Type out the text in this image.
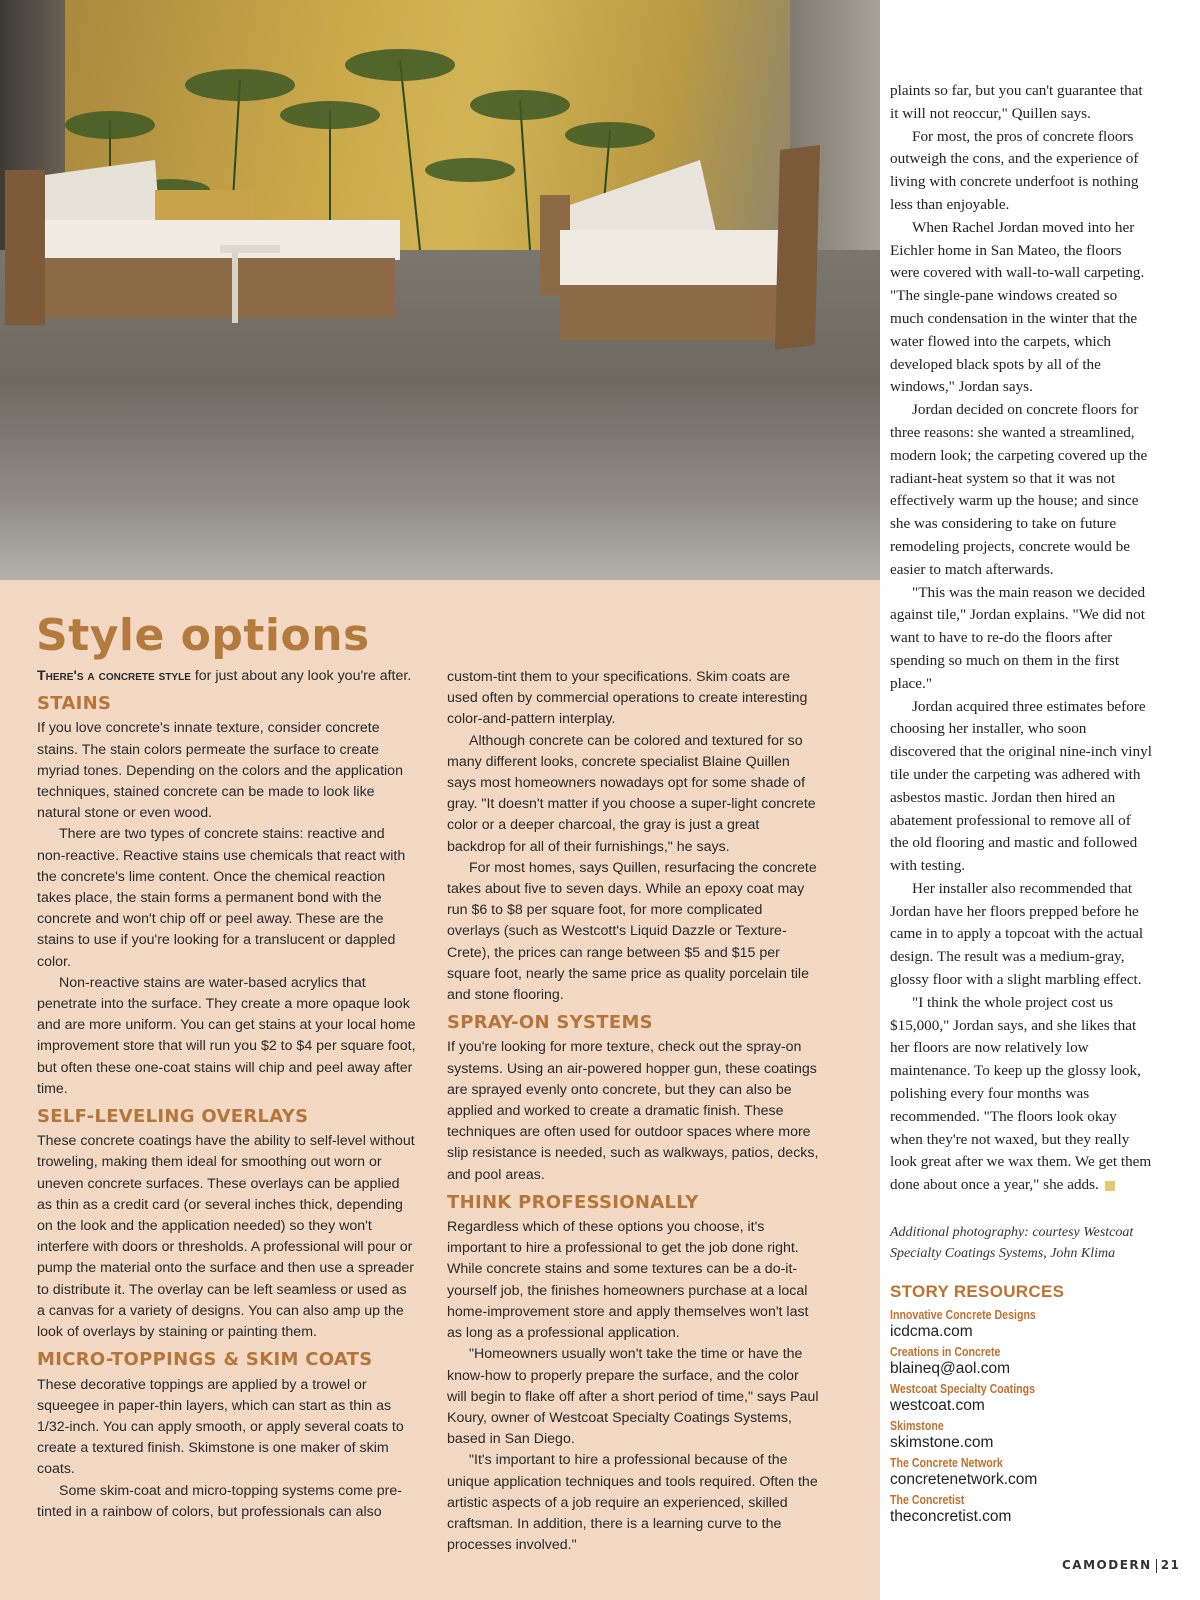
Style options

There's a concrete style for just about any look you're after.

STAINS

If you love concrete's innate texture, consider concrete stains. The stain colors permeate the surface to create myriad tones. Depending on the colors and the application techniques, stained concrete can be made to look like natural stone or even wood.

There are two types of concrete stains: reactive and non-reactive. Reactive stains use chemicals that react with the concrete's lime content. Once the chemical reaction takes place, the stain forms a permanent bond with the concrete and won't chip off or peel away. These are the stains to use if you're looking for a translucent or dappled color.

Non-reactive stains are water-based acrylics that penetrate into the surface. They create a more opaque look and are more uniform. You can get stains at your local home improvement store that will run you $2 to $4 per square foot, but often these one-coat stains will chip and peel away after time.

SELF-LEVELING OVERLAYS

These concrete coatings have the ability to self-level without troweling, making them ideal for smoothing out worn or uneven concrete surfaces. These overlays can be applied as thin as a credit card (or several inches thick, depending on the look and the application needed) so they won't interfere with doors or thresholds. A professional will pour or pump the material onto the surface and then use a spreader to distribute it. The overlay can be left seamless or used as a canvas for a variety of designs. You can also amp up the look of overlays by staining or painting them.

MICRO-TOPPINGS & SKIM COATS

These decorative toppings are applied by a trowel or squeegee in paper-thin layers, which can start as thin as 1/32-inch. You can apply smooth, or apply several coats to create a textured finish. Skimstone is one maker of skim coats.

Some skim-coat and micro-topping systems come pre-tinted in a rainbow of colors, but professionals can also

custom-tint them to your specifications. Skim coats are used often by commercial operations to create interesting color-and-pattern interplay.

Although concrete can be colored and textured for so many different looks, concrete specialist Blaine Quillen says most homeowners nowadays opt for some shade of gray. "It doesn't matter if you choose a super-light concrete color or a deeper charcoal, the gray is just a great backdrop for all of their furnishings," he says.

For most homes, says Quillen, resurfacing the concrete takes about five to seven days. While an epoxy coat may run $6 to $8 per square foot, for more complicated overlays (such as Westcott's Liquid Dazzle or Texture-Crete), the prices can range between $5 and $15 per square foot, nearly the same price as quality porcelain tile and stone flooring.

SPRAY-ON SYSTEMS

If you're looking for more texture, check out the spray-on systems. Using an air-powered hopper gun, these coatings are sprayed evenly onto concrete, but they can also be applied and worked to create a dramatic finish. These techniques are often used for outdoor spaces where more slip resistance is needed, such as walkways, patios, decks, and pool areas.

THINK PROFESSIONALLY

Regardless which of these options you choose, it's important to hire a professional to get the job done right. While concrete stains and some textures can be a do-it-yourself job, the finishes homeowners purchase at a local home-improvement store and apply themselves won't last as long as a professional application.

"Homeowners usually won't take the time or have the know-how to properly prepare the surface, and the color will begin to flake off after a short period of time," says Paul Koury, owner of Westcoat Specialty Coatings Systems, based in San Diego.

"It's important to hire a professional because of the unique application techniques and tools required. Often the artistic aspects of a job require an experienced, skilled craftsman. In addition, there is a learning curve to the processes involved."

plaints so far, but you can't guarantee that it will not reoccur," Quillen says.

For most, the pros of concrete floors outweigh the cons, and the experience of living with concrete underfoot is nothing less than enjoyable.

When Rachel Jordan moved into her Eichler home in San Mateo, the floors were covered with wall-to-wall carpeting. "The single-pane windows created so much condensation in the winter that the water flowed into the carpets, which developed black spots by all of the windows," Jordan says.

Jordan decided on concrete floors for three reasons: she wanted a streamlined, modern look; the carpeting covered up the radiant-heat system so that it was not effectively warm up the house; and since she was considering to take on future remodeling projects, concrete would be easier to match afterwards.

"This was the main reason we decided against tile," Jordan explains. "We did not want to have to re-do the floors after spending so much on them in the first place."

Jordan acquired three estimates before choosing her installer, who soon discovered that the original nine-inch vinyl tile under the carpeting was adhered with asbestos mastic. Jordan then hired an abatement professional to remove all of the old flooring and mastic and followed with testing.

Her installer also recommended that Jordan have her floors prepped before he came in to apply a topcoat with the actual design. The result was a medium-gray, glossy floor with a slight marbling effect.

"I think the whole project cost us $15,000," Jordan says, and she likes that her floors are now relatively low maintenance. To keep up the glossy look, polishing every four months was recommended. "The floors look okay when they're not waxed, but they really look great after we wax them. We get them done about once a year," she adds.

Additional photography: courtesy Westcoat Specialty Coatings Systems, John Klima
STORY RESOURCES
Innovative Concrete Designs
icdcma.com
Creations in Concrete
blaineq@aol.com
Westcoat Specialty Coatings
westcoat.com
Skimstone
skimstone.com
The Concrete Network
concretenetwork.com
The Concretist
theconcretist.com
CAMODERN 21
